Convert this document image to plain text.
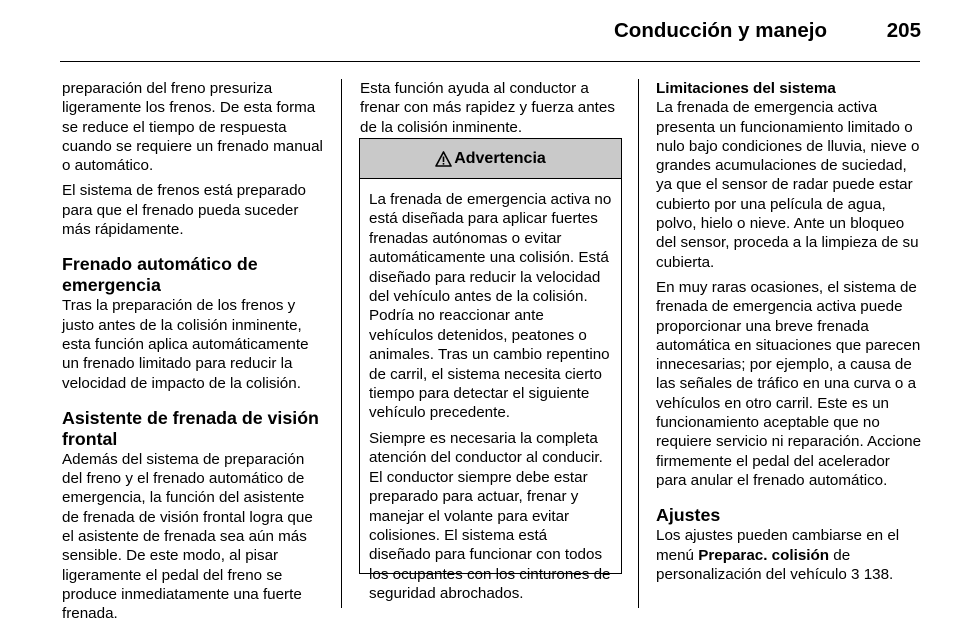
Conducción y manejo	205

preparación del freno presuriza ligeramente los frenos. De esta forma se reduce el tiempo de respuesta cuando se requiere un frenado manual o automático.

El sistema de frenos está preparado para que el frenado pueda suceder más rápidamente.

Frenado automático de emergencia

Tras la preparación de los frenos y justo antes de la colisión inminente, esta función aplica automáticamente un frenado limitado para reducir la velocidad de impacto de la colisión.

Asistente de frenada de visión frontal

Además del sistema de preparación del freno y el frenado automático de emergencia, la función del asistente de frenada de visión frontal logra que el asistente de frenada sea aún más sensible. De este modo, al pisar ligeramente el pedal del freno se produce inmediatamente una fuerte frenada.

Esta función ayuda al conductor a frenar con más rapidez y fuerza antes de la colisión inminente.

Advertencia

La frenada de emergencia activa no está diseñada para aplicar fuertes frenadas autónomas o evitar automáticamente una colisión. Está diseñado para reducir la velocidad del vehículo antes de la colisión. Podría no reaccionar ante vehículos detenidos, peatones o animales. Tras un cambio repentino de carril, el sistema necesita cierto tiempo para detectar el siguiente vehículo precedente.

Siempre es necesaria la completa atención del conductor al conducir. El conductor siempre debe estar preparado para actuar, frenar y manejar el volante para evitar colisiones. El sistema está diseñado para funcionar con todos los ocupantes con los cinturones de seguridad abrochados.

Limitaciones del sistema

La frenada de emergencia activa presenta un funcionamiento limitado o nulo bajo condiciones de lluvia, nieve o grandes acumulaciones de suciedad, ya que el sensor de radar puede estar cubierto por una película de agua, polvo, hielo o nieve. Ante un bloqueo del sensor, proceda a la limpieza de su cubierta.

En muy raras ocasiones, el sistema de frenada de emergencia activa puede proporcionar una breve frenada automática en situaciones que parecen innecesarias; por ejemplo, a causa de las señales de tráfico en una curva o a vehículos en otro carril. Este es un funcionamiento aceptable que no requiere servicio ni reparación. Accione firmemente el pedal del acelerador para anular el frenado automático.

Ajustes

Los ajustes pueden cambiarse en el menú Preparac. colisión de personalización del vehículo 3 138.
